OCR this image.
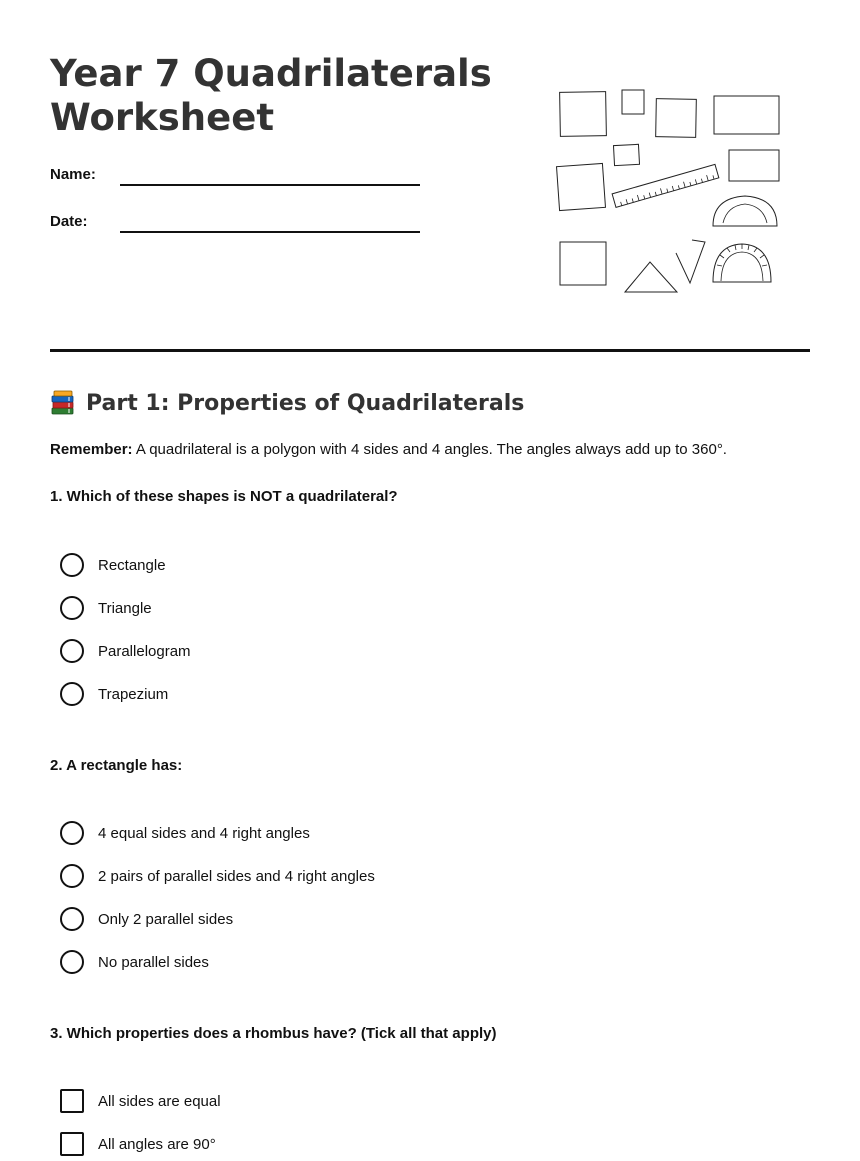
Year 7 Quadrilaterals
Worksheet
Name:
Date:
Part 1: Properties of Quadrilaterals
Remember: A quadrilateral is a polygon with 4 sides and 4 angles. The angles always add up to 360°.

1. Which of these shapes is NOT a quadrilateral?

Rectangle
Triangle
Parallelogram
Trapezium

2. A rectangle has:

4 equal sides and 4 right angles
2 pairs of parallel sides and 4 right angles
Only 2 parallel sides
No parallel sides

3. Which properties does a rhombus have? (Tick all that apply)

All sides are equal
All angles are 90°
